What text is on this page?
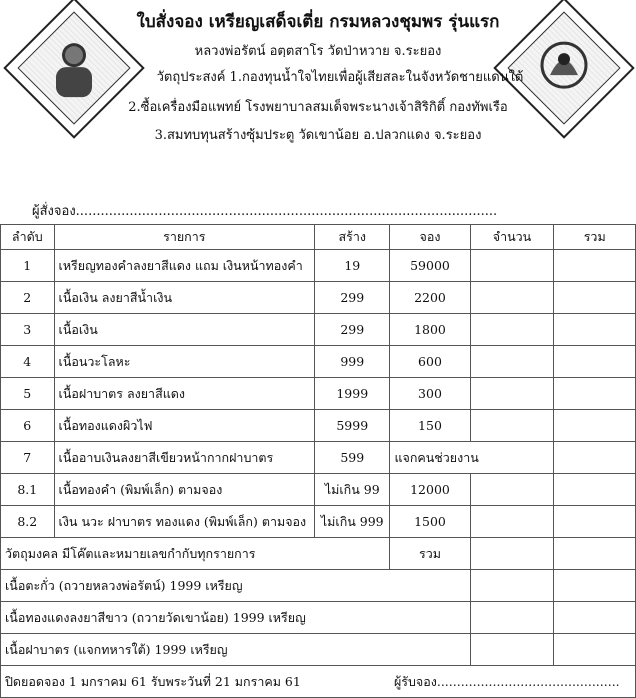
ใบสั่งจอง เหรียญเสด็จเตี่ย กรมหลวงชุมพร รุ่นแรก
หลวงพ่อรัตน์ อตฺตสาโร วัดป่าหวาย จ.ระยอง
วัตถุประสงค์ 1.กองทุนน้ำใจไทยเพื่อผู้เสียสละในจังหวัดชายแดนใต้
2.ซื้อเครื่องมือแพทย์ โรงพยาบาลสมเด็จพระนางเจ้าสิริกิติ์ กองทัพเรือ
3.สมทบทุนสร้างซุ้มประตู วัดเขาน้อย อ.ปลวกแดง จ.ระยอง
ผู้สั่งจอง......................................................................................................
ลำดับ	รายการ	สร้าง	จอง	จำนวน	รวม
1	เหรียญทองคำลงยาสีแดง แถม เงินหน้าทองคำ	19	59000		
2	เนื้อเงิน ลงยาสีน้ำเงิน	299	2200		
3	เนื้อเงิน	299	1800		
4	เนื้อนวะโลหะ	999	600		
5	เนื้อฝาบาตร ลงยาสีแดง	1999	300		
6	เนื้อทองแดงผิวไฟ	5999	150		
7	เนื้ออาบเงินลงยาสีเขียวหน้ากากฝาบาตร	599	แจกคนช่วยงาน		
8.1	เนื้อทองคำ (พิมพ์เล็ก) ตามจอง	ไม่เกิน 99	12000		
8.2	เงิน นวะ ฝาบาตร ทองแดง (พิมพ์เล็ก) ตามจอง	ไม่เกิน 999	1500		
วัตถุมงคล มีโค๊ตและหมายเลขกำกับทุกรายการ			รวม		
เนื้อตะกั่ว (ถวายหลวงพ่อรัตน์) 1999 เหรียญ					
เนื้อทองแดงลงยาสีขาว (ถวายวัดเขาน้อย) 1999 เหรียญ					
เนื้อฝาบาตร (แจกทหารใต้) 1999 เหรียญ					
ปิดยอดจอง 1 มกราคม 61 รับพระวันที่ 21 มกราคม 61			ผู้รับจอง..............................................		
